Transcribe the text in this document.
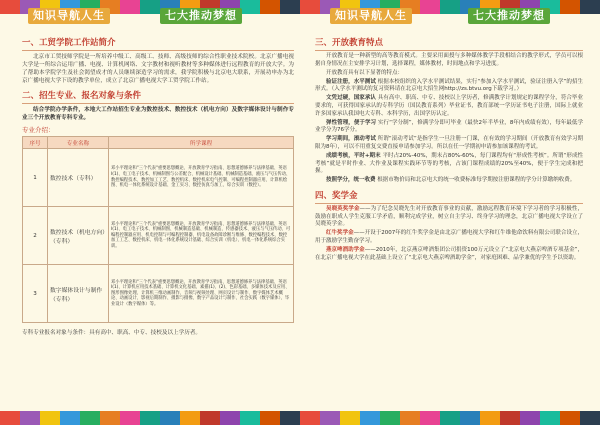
知识导航人生	七大推动梦想	知识导航人生	七大推动梦想
一、工贸学院工作站简介
北京市工贸技师学院是一所培养中级工、高级工、技师、高级技师的综合性职业技术院校。北京广播电视大学是一所综合运用广播、电视、计算机网络、文字教材和视听教材等多种媒体进行远程教育的开放大学。为了帮助本学院学生及社会渴望成才的人员继续深造学习的需求，我学院积极与北京电大联系，开展功申办为北京广播电视大学下设的教学单位，成立了北京广播电视大学工贸学院工作站。
二、招生专业、报名对象与条件
结合学院办学条件，本地大工作站招生专业为数控技术、数控技术（机电方向）及数字媒体设计与制作专业三个开放教育专科专业。
专业介绍：
序号	专业名称	所学课程
1	数控技术（专科）	邓小平理论和"三个代表"重要思想概论、开放教育学习指南、思想道德修养与法律基础、英语Ⅰ(1)、电工电子技术、机械制图与公差配合、机械设计基础、机械制造基础、液压与气压传动、数控编程技术、数控加工工艺、数控机床、数控机床电气控制、可编程控制器应用、计算机绘图、机电一体化系统设计基础、金工实习、数控仿真与加工、综合实训（数控）。
2	数控技术（机电方向）（专科）	邓小平理论和"三个代表"重要思想概论、开放教育学习指南、思想道德修养与法律基础、英语Ⅰ(1)、电工电子技术、机械制图、机械制造基础、机械制造、传感器技术、液压与气压传动、可编程控制器应用、机电控制与可编程控制器、机电设备故障诊断与维修、数控编程技术、数控加工工艺、数控机床、机电一体化系统设计基础、综合实训（机电）、机电一体化系统综合实训。
3	数字媒体设计与制作（专科）	邓小平理论和"三个代表"重要思想概论、开放教育学习指南、思想道德修养与法律基础、英语Ⅰ(1)、计算机应用技术基础、计算机文化基础、素描(1)、(2)、色彩基础、多媒体技术及应用、图形图像处理、计算机三维动画制作、音频与视频处理、网页设计与制作、数字媒体艺术概论、动画设计、影视后期制作、摄影与摄像、数字产品设计与制作、社会实践（数字媒体）、毕业设计（数字媒体）等。
专科专业报名对象与条件：具有高中、职高、中专、技校及以上学历者。
三、开放教育特点
开放教育是一种新型的高等教育模式。主要采用面授与多种媒体教学手段相结合的教学形式，学员可以根据自身情况在主安排学习计划，选择课程，媒体教材，时间地点和学习进度。
开放教育具有以下显著的特点：
验证注册，水平测试 根据本校组织的入学水平测试结果，实行“参加入学水平测试，验证注册入学”的招生形式。（入学水平测试的复习资料请在北京电大招生网http://zs.btvu.org下载学习。）
文凭过硬，国家承认 具有高中、职高、中专、技校以上学历者，修满教学计划规定的课程学分，符合毕业要求的，可获得国家承认的专科学历（国民教育系列）毕业证书，教育部统一学历证书电子注册，国际上就业许多国家承认我国电大专科、本科学历，出国学历认定。
弹性管理，便于学习 实行“学分制”，修满学分即可毕业（最快2年半毕业，8年内成绩有效），每年最低学业学分为76学分。
学习期间，滚动考试 所谓“滚动考试”是指学生一旦注册一门课，在有效的学习期间（开放教育有效学习期限为8年），可以不用重复交费直接申请参加学习。所以在任一学期初申请参加该课程的考试。
成绩考核，平时+期末 平时占20%-40%，期末占80%-60%，每门课程均有“形成性考核”。所谓“形成性考核”就是平时作业、大作业及课程实践环节等的考核，占该门课程成绩的20%至40%，便于学生完成和把握。
按照学分，统一收费 根据市物价局和北京电大的统一收费标准每学期按注册课程的学分计算缴纳收费。
四、奖学金
吴晓英奖学金——为了纪念吴晓先生对开放教育事业的贡献，激励远程教育环境下学习者的学习积极性，鼓励在职成人学生克服工学矛盾，顺利完成学业，树立自主学习、终身学习的理念，北京广播电视大学设立了吴晓英学金。
红牛奖学金——开设于2007年的红牛奖学金是由北京广播电视大学和红牛维他命饮料有限公司联合设立，用于激励学生勤奋学习。
燕京啤酒助学金——2010年，北京燕京啤酒集团公司捐资100万元设立了“北京电大燕京啤酒专项基金”，在北京广播电视大学在此基础上设立了“北京电大燕京啤酒助学金”，对家庭困难、品学兼优的学生予以资助。
